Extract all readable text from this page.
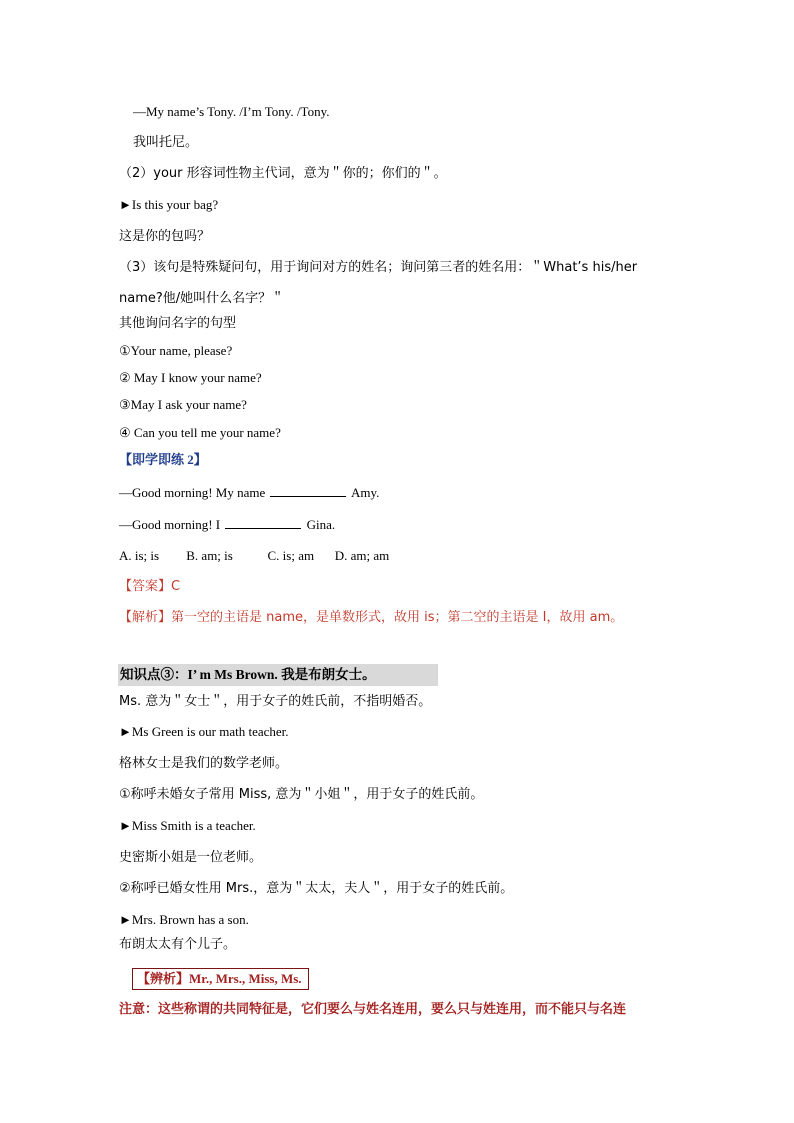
—My name’s Tony. /I’m Tony. /Tony.
我叫托尼。
（2）your 形容词性物主代词，意为＂你的；你们的＂。
►Is this your bag?
这是你的包吗？
（3）该句是特殊疑问句，用于询问对方的姓名；询问第三者的姓名用：＂What’s his/her
name?他/她叫什么名字？＂
其他询问名字的句型
①Your name, please?
② May I know your name?
③May I ask your name?
④ Can you tell me your name?
【即学即练 2】
—Good morning! My name	Amy.
—Good morning! I	Gina.
A. is; is B. am; is	C. is; am D. am; am
【答案】C
【解析】第一空的主语是 name，是单数形式，故用 is；第二空的主语是 I，故用 am。
知识点③：I’ m Ms Brown. 我是布朗女士。
Ms. 意为＂女士＂，用于女子的姓氏前，不指明婚否。
►Ms Green is our math teacher.
格林女士是我们的数学老师。
①称呼未婚女子常用 Miss, 意为＂小姐＂，用于女子的姓氏前。
►Miss Smith is a teacher.
史密斯小姐是一位老师。
②称呼已婚女性用 Mrs.，意为＂太太，夫人＂，用于女子的姓氏前。
►Mrs. Brown has a son.
布朗太太有个儿子。
【辨析】Mr., Mrs., Miss, Ms.
注意：这些称谓的共同特征是，它们要么与姓名连用，要么只与姓连用，而不能只与名连
